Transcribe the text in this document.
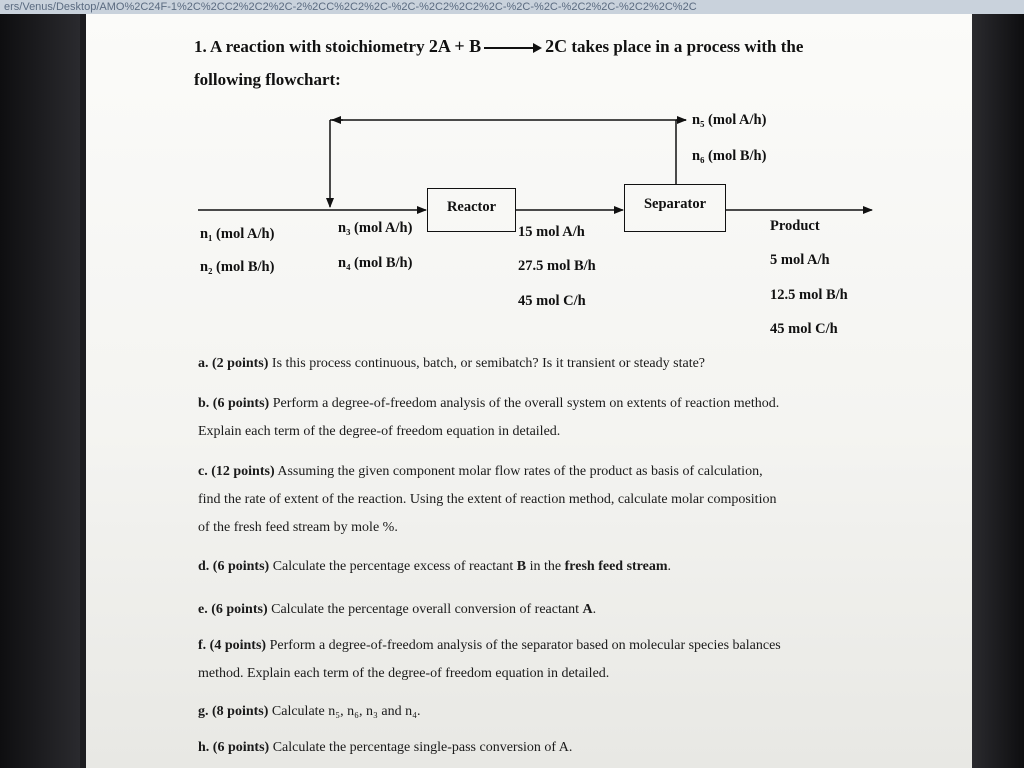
ers/Venus/Desktop/AMO%2C24F-1%2C%2CC2%2C2%2C-2%2CC%2C2%2C-%2C-%2C2%2C2%2C-%2C-%2C-%2C2%2C-%2C2%2C%2C
1. A reaction with stoichiometry 2A + B	2C takes place in a process with the
following flowchart:
Reactor	Separator
n₅ (mol A/h)
n₆ (mol B/h)
n₁ (mol A/h)
n₂ (mol B/h)
n₃ (mol A/h)
n₄ (mol B/h)
15 mol A/h
27.5 mol B/h
45 mol C/h
Product
5 mol A/h
12.5 mol B/h
45 mol C/h
a. (2 points) Is this process continuous, batch, or semibatch? Is it transient or steady state?
b. (6 points) Perform a degree-of-freedom analysis of the overall system on extents of reaction method.
Explain each term of the degree-of freedom equation in detailed.
c. (12 points) Assuming the given component molar flow rates of the product as basis of calculation,
find the rate of extent of the reaction. Using the extent of reaction method, calculate molar composition
of the fresh feed stream by mole %.
d. (6 points) Calculate the percentage excess of reactant B in the fresh feed stream.
e. (6 points) Calculate the percentage overall conversion of reactant A.
f. (4 points) Perform a degree-of-freedom analysis of the separator based on molecular species balances
method. Explain each term of the degree-of freedom equation in detailed.
g. (8 points) Calculate n₅, n₆, n₃ and n₄.
h. (6 points) Calculate the percentage single-pass conversion of A.
